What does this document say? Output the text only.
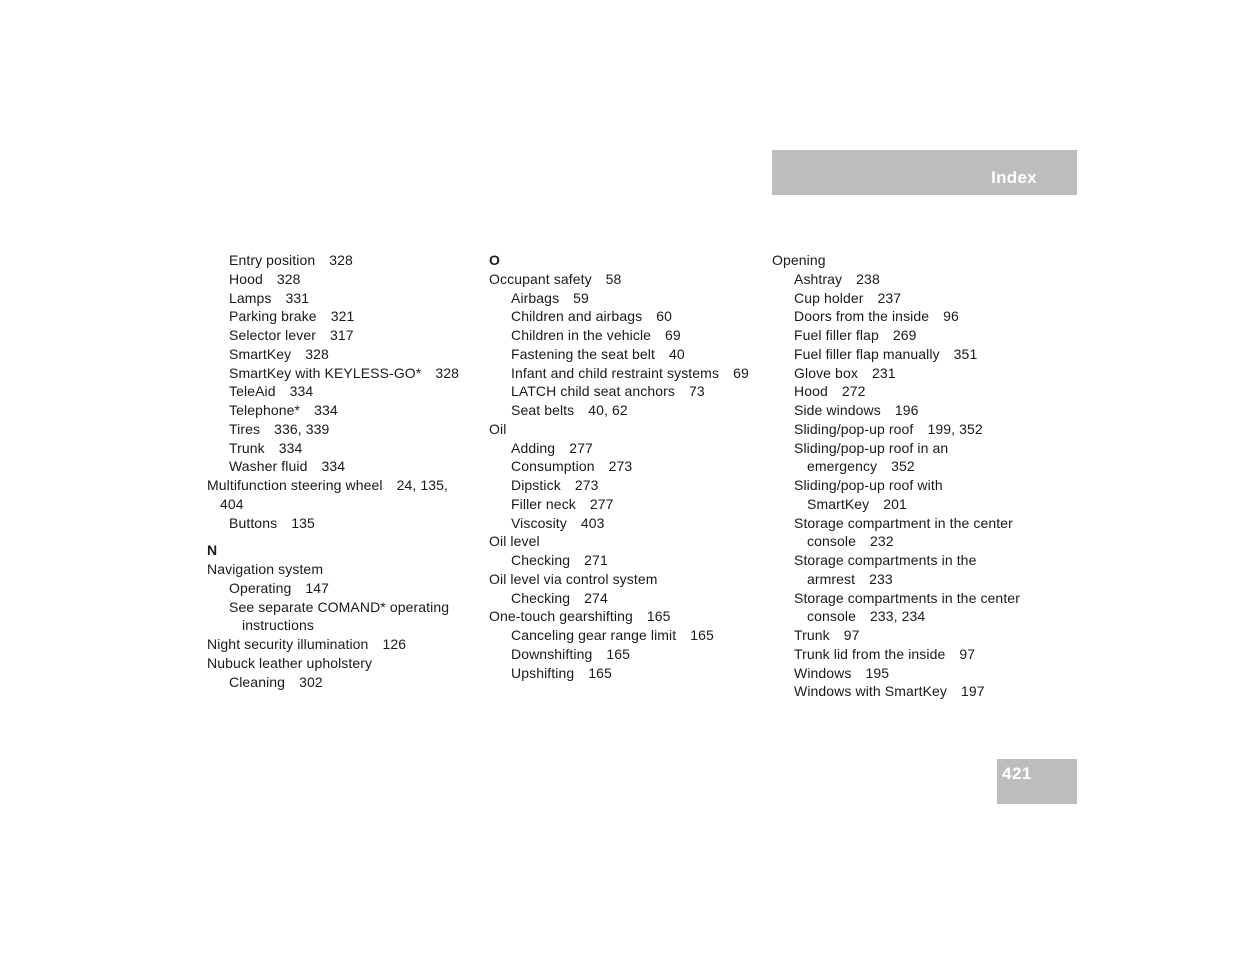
Index
Entry position 328
Hood 328
Lamps 331
Parking brake 321
Selector lever 317
SmartKey 328
SmartKey with KEYLESS-GO* 328
TeleAid 334
Telephone* 334
Tires 336, 339
Trunk 334
Washer fluid 334
Multifunction steering wheel 24, 135,
404
Buttons 135
N
Navigation system
Operating 147
See separate COMAND* operating
instructions
Night security illumination 126
Nubuck leather upholstery
Cleaning 302
O
Occupant safety 58
Airbags 59
Children and airbags 60
Children in the vehicle 69
Fastening the seat belt 40
Infant and child restraint systems 69
LATCH child seat anchors 73
Seat belts 40, 62
Oil
Adding 277
Consumption 273
Dipstick 273
Filler neck 277
Viscosity 403
Oil level
Checking 271
Oil level via control system
Checking 274
One-touch gearshifting 165
Canceling gear range limit 165
Downshifting 165
Upshifting 165
Opening
Ashtray 238
Cup holder 237
Doors from the inside 96
Fuel filler flap 269
Fuel filler flap manually 351
Glove box 231
Hood 272
Side windows 196
Sliding/pop-up roof 199, 352
Sliding/pop-up roof in an
emergency 352
Sliding/pop-up roof with
SmartKey 201
Storage compartment in the center
console 232
Storage compartments in the
armrest 233
Storage compartments in the center
console 233, 234
Trunk 97
Trunk lid from the inside 97
Windows 195
Windows with SmartKey 197
421
